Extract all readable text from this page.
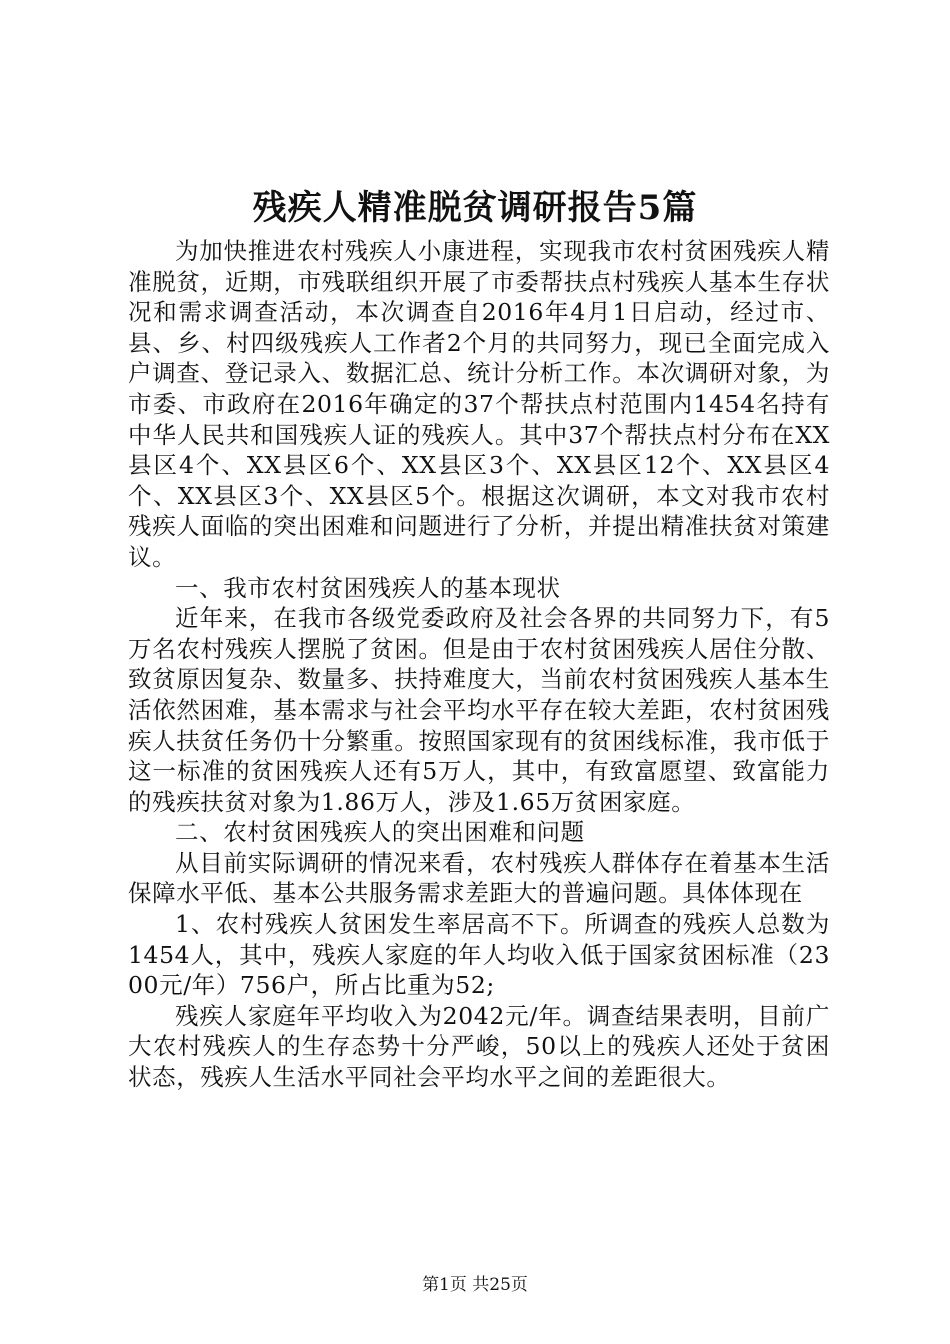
残疾人精准脱贫调研报告5篇

为加快推进农村残疾人小康进程，实现我市农村贫困残疾人精准脱贫，近期，市残联组织开展了市委帮扶点村残疾人基本生存状况和需求调查活动，本次调查自2016年4月1日启动，经过市、县、乡、村四级残疾人工作者2个月的共同努力，现已全面完成入户调查、登记录入、数据汇总、统计分析工作。本次调研对象，为市委、市政府在2016年确定的37个帮扶点村范围内1454名持有中华人民共和国残疾人证的残疾人。其中37个帮扶点村分布在XX县区4个、XX县区6个、XX县区3个、XX县区12个、XX县区4个、XX县区3个、XX县区5个。根据这次调研，本文对我市农村残疾人面临的突出困难和问题进行了分析，并提出精准扶贫对策建议。

一、我市农村贫困残疾人的基本现状

近年来，在我市各级党委政府及社会各界的共同努力下，有5万名农村残疾人摆脱了贫困。但是由于农村贫困残疾人居住分散、致贫原因复杂、数量多、扶持难度大，当前农村贫困残疾人基本生活依然困难，基本需求与社会平均水平存在较大差距，农村贫困残疾人扶贫任务仍十分繁重。按照国家现有的贫困线标准，我市低于这一标准的贫困残疾人还有5万人，其中，有致富愿望、致富能力的残疾扶贫对象为1.86万人，涉及1.65万贫困家庭。

二、农村贫困残疾人的突出困难和问题

从目前实际调研的情况来看，农村残疾人群体存在着基本生活保障水平低、基本公共服务需求差距大的普遍问题。具体体现在

1、农村残疾人贫困发生率居高不下。所调查的残疾人总数为1454人，其中，残疾人家庭的年人均收入低于国家贫困标准（2300元/年）756户，所占比重为52;

残疾人家庭年平均收入为2042元/年。调查结果表明，目前广大农村残疾人的生存态势十分严峻，50以上的残疾人还处于贫困状态，残疾人生活水平同社会平均水平之间的差距很大。

第1页 共25页
